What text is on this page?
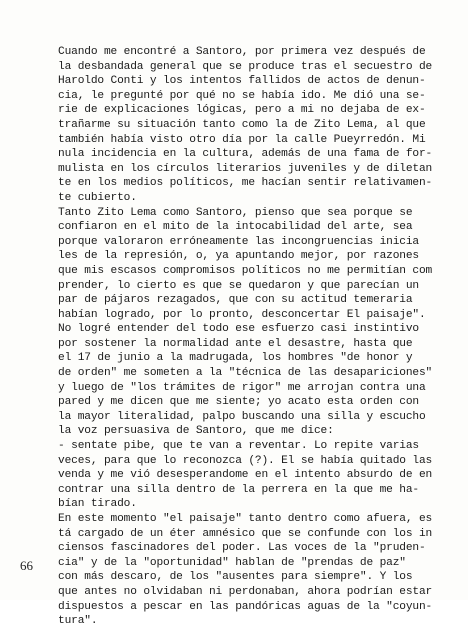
Cuando me encontré a Santoro, por primera vez después de
la desbandada general que se produce tras el secuestro de
Haroldo Conti y los intentos fallidos de actos de denun-
cia, le pregunté por qué no se había ido. Me dió una se-
rie de explicaciones lógicas, pero a mi no dejaba de ex-
trañarme su situación tanto como la de Zito Lema, al que
también había visto otro día por la calle Pueyrredón. Mi
nula incidencia en la cultura, además de una fama de for-
mulista en los círculos literarios juveniles y de diletan
te en los medios políticos, me hacían sentir relativamen-
te cubierto.
Tanto Zito Lema como Santoro, pienso que sea porque se
confiaron en el mito de la intocabilidad del arte, sea
porque valoraron erróneamente las incongruencias inicia
les de la represión, o, ya apuntando mejor, por razones
que mis escasos compromisos políticos no me permitían com
prender, lo cierto es que se quedaron y que parecían un
par de pájaros rezagados, que con su actitud temeraria
habían logrado, por lo pronto, desconcertar El paisaje".
No logré entender del todo ese esfuerzo casi instintivo
por sostener la normalidad ante el desastre, hasta que
el 17 de junio a la madrugada, los hombres "de honor y
de orden" me someten a la "técnica de las desapariciones"
y luego de "los trámites de rigor" me arrojan contra una
pared y me dicen que me siente; yo acato esta orden con
la mayor literalidad, palpo buscando una silla y escucho
la voz persuasiva de Santoro, que me dice:
- sentate pibe, que te van a reventar. Lo repite varias
veces, para que lo reconozca (?). El se había quitado las
venda y me vió desesperandome en el intento absurdo de en
contrar una silla dentro de la perrera en la que me ha-
bían tirado.
En este momento "el paisaje" tanto dentro como afuera, es
tá cargado de un éter amnésico que se confunde con los in
ciensos fascinadores del poder. Las voces de la "pruden-
cia" y de la "oportunidad" hablan de "prendas de paz"
con más descaro, de los "ausentes para siempre". Y los
que antes no olvidaban ni perdonaban, ahora podrían estar
dispuestos a pescar en las pandóricas aguas de la "coyun-
tura".
66
